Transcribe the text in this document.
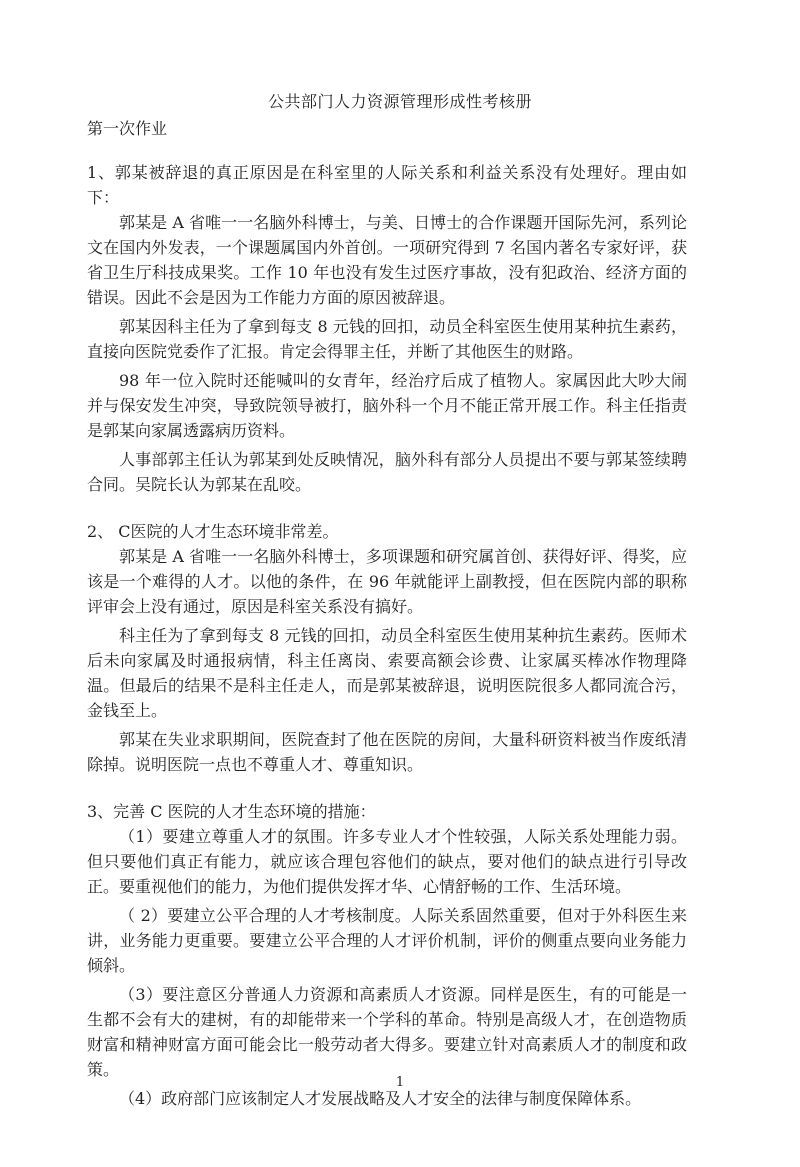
公共部门人力资源管理形成性考核册
第一次作业

1、郭某被辞退的真正原因是在科室里的人际关系和利益关系没有处理好。理由如下：

郭某是 A 省唯一一名脑外科博士，与美、日博士的合作课题开国际先河，系列论文在国内外发表，一个课题属国内外首创。一项研究得到 7 名国内著名专家好评，获省卫生厅科技成果奖。工作 10 年也没有发生过医疗事故，没有犯政治、经济方面的错误。因此不会是因为工作能力方面的原因被辞退。

郭某因科主任为了拿到每支 8 元钱的回扣，动员全科室医生使用某种抗生素药，直接向医院党委作了汇报。肯定会得罪主任，并断了其他医生的财路。

98 年一位入院时还能喊叫的女青年，经治疗后成了植物人。家属因此大吵大闹并与保安发生冲突，导致院领导被打，脑外科一个月不能正常开展工作。科主任指责是郭某向家属透露病历资料。

人事部郭主任认为郭某到处反映情况，脑外科有部分人员提出不要与郭某签续聘合同。吴院长认为郭某在乱咬。

2、 C医院的人才生态环境非常差。

郭某是 A 省唯一一名脑外科博士，多项课题和研究属首创、获得好评、得奖，应该是一个难得的人才。以他的条件，在 96 年就能评上副教授，但在医院内部的职称评审会上没有通过，原因是科室关系没有搞好。

科主任为了拿到每支 8 元钱的回扣，动员全科室医生使用某种抗生素药。医师术后未向家属及时通报病情，科主任离岗、索要高额会诊费、让家属买棒冰作物理降温。但最后的结果不是科主任走人，而是郭某被辞退，说明医院很多人都同流合污，金钱至上。

郭某在失业求职期间，医院查封了他在医院的房间，大量科研资料被当作废纸清除掉。说明医院一点也不尊重人才、尊重知识。

3、完善 C 医院的人才生态环境的措施：

（1）要建立尊重人才的氛围。许多专业人才个性较强，人际关系处理能力弱。但只要他们真正有能力，就应该合理包容他们的缺点，要对他们的缺点进行引导改正。要重视他们的能力，为他们提供发挥才华、心情舒畅的工作、生活环境。

（ 2）要建立公平合理的人才考核制度。人际关系固然重要，但对于外科医生来讲，业务能力更重要。要建立公平合理的人才评价机制，评价的侧重点要向业务能力倾斜。

（3）要注意区分普通人力资源和高素质人才资源。同样是医生，有的可能是一生都不会有大的建树，有的却能带来一个学科的革命。特别是高级人才，在创造物质财富和精神财富方面可能会比一般劳动者大得多。要建立针对高素质人才的制度和政策。

（4）政府部门应该制定人才发展战略及人才安全的法律与制度保障体系。

1
